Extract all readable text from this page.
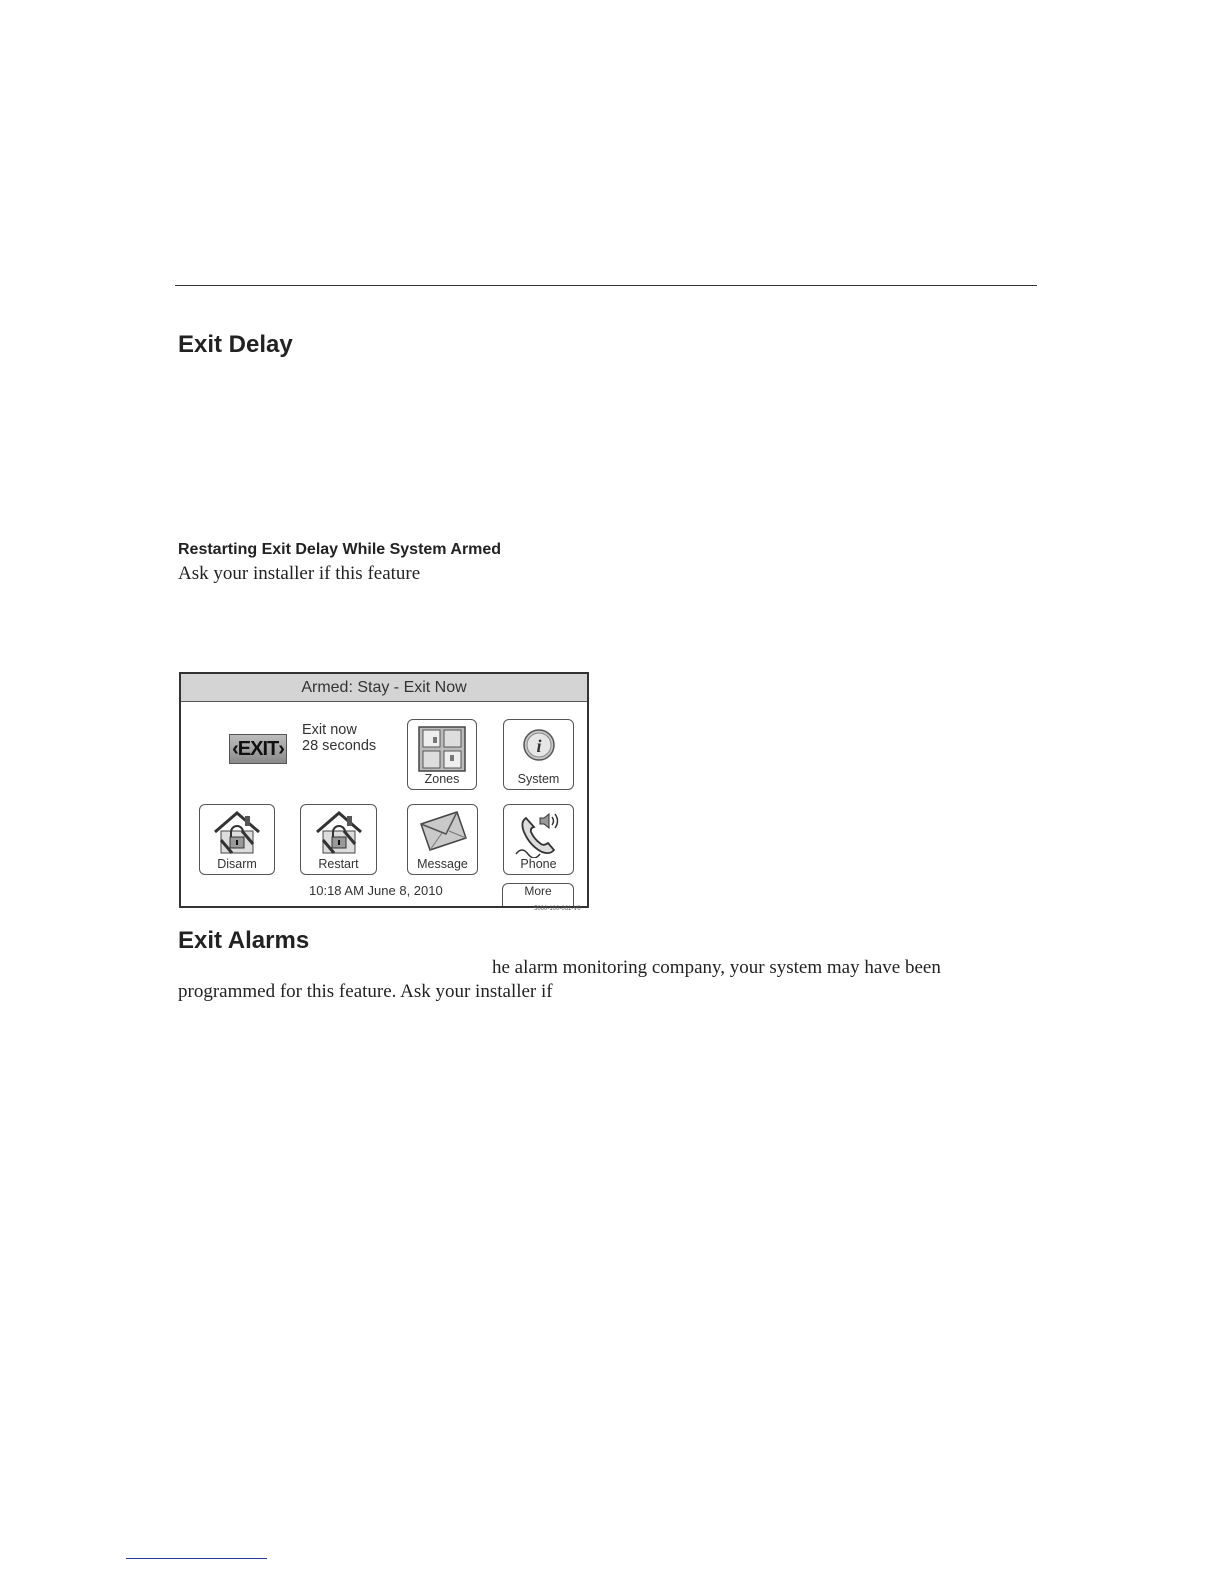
Exit Delay
Restarting Exit Delay While System Armed
Ask your installer if this feature
Armed: Stay - Exit Now
‹EXIT›
Exit now
28 seconds
Zones
i
System
Disarm	Restart	Message	Phone
10:18 AM June 8, 2010	More
5000-100-061-V0
Exit Alarms
he alarm monitoring company, your system may have been
programmed for this feature. Ask your installer if
